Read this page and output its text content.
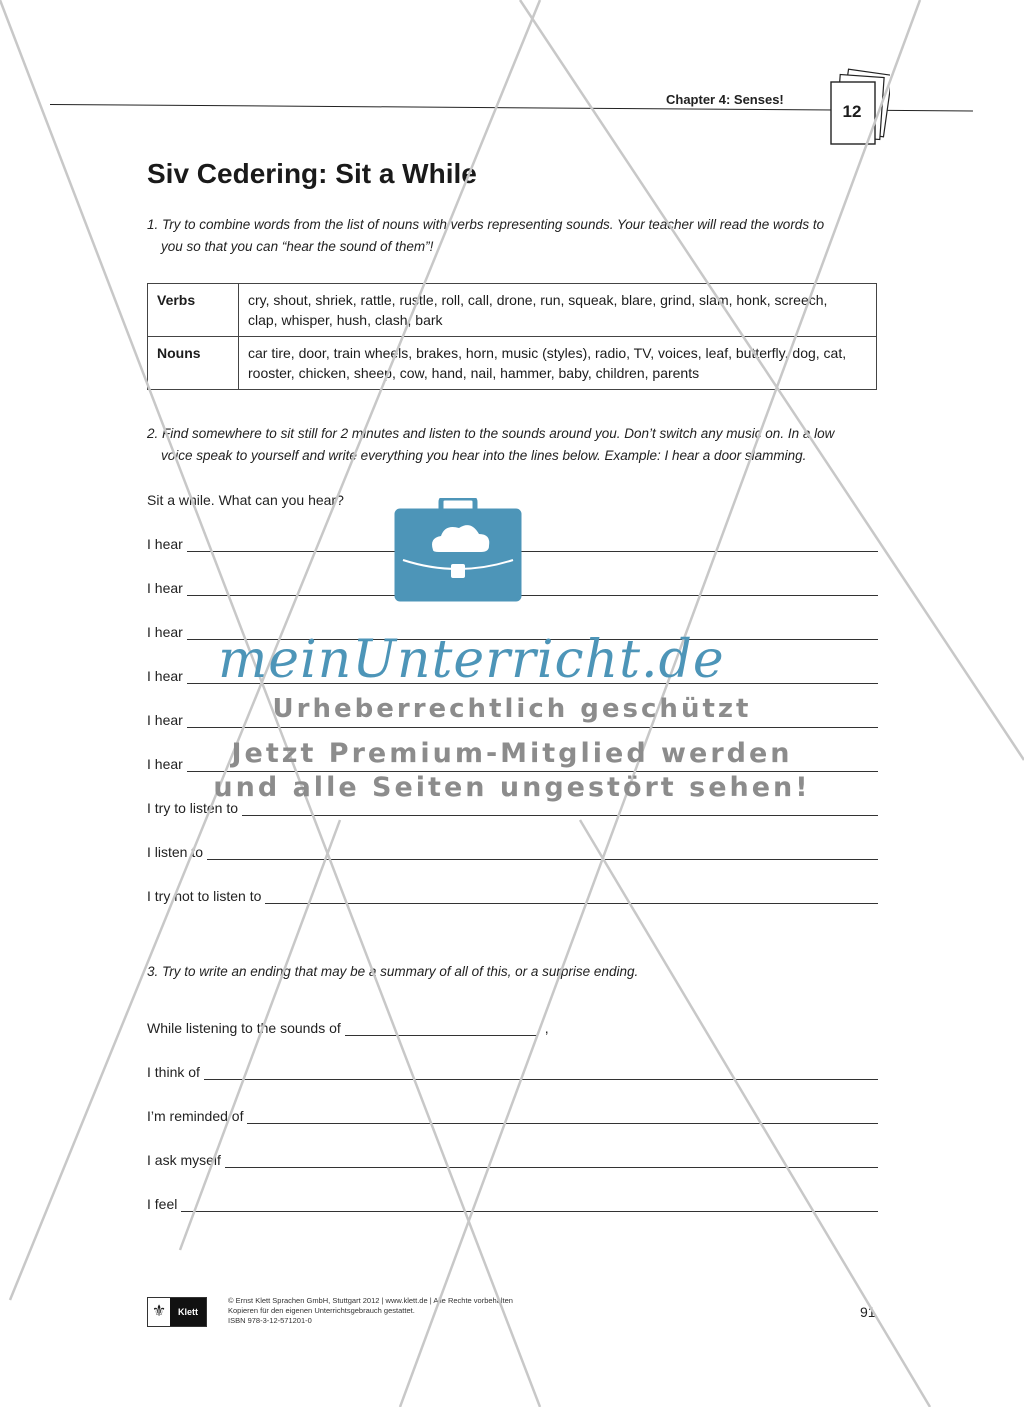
Chapter 4: Senses!
12
Siv Cedering: Sit a While
1. Try to combine words from the list of nouns with verbs representing sounds. Your teacher will read the words to
you so that you can “hear the sound of them”!
Verbs	cry, shout, shriek, rattle, rustle, roll, call, drone, run, squeak, blare, grind, slam, honk, screech,
clap, whisper, hush, clash, bark

Nouns	car tire, door, train wheels, brakes, horn, music (styles), radio, TV, voices, leaf, butterfly, dog, cat,
rooster, chicken, sheep, cow, hand, nail, hammer, baby, children, parents
2. Find somewhere to sit still for 2 minutes and listen to the sounds around you. Don’t switch any music on. In a low
voice speak to yourself and write everything you hear into the lines below. Example: I hear a door slamming.
Sit a while. What can you hear?
I hear
I hear
I hear
I hear
I hear
I hear
I try to listen to
I listen to
I try not to listen to
3. Try to write an ending that may be a summary of all of this, or a surprise ending.
While listening to the sounds of	,
I think of
I’m reminded of
I ask myself
I feel
⚜	Klett
© Ernst Klett Sprachen GmbH, Stuttgart 2012 | www.klett.de | Alle Rechte vorbehalten
Kopieren für den eigenen Unterrichtsgebrauch gestattet.
ISBN 978-3-12-571201-0
91
meinUnterricht.de
Urheberrechtlich geschützt
Jetzt Premium-Mitglied werden
und alle Seiten ungestört sehen!
